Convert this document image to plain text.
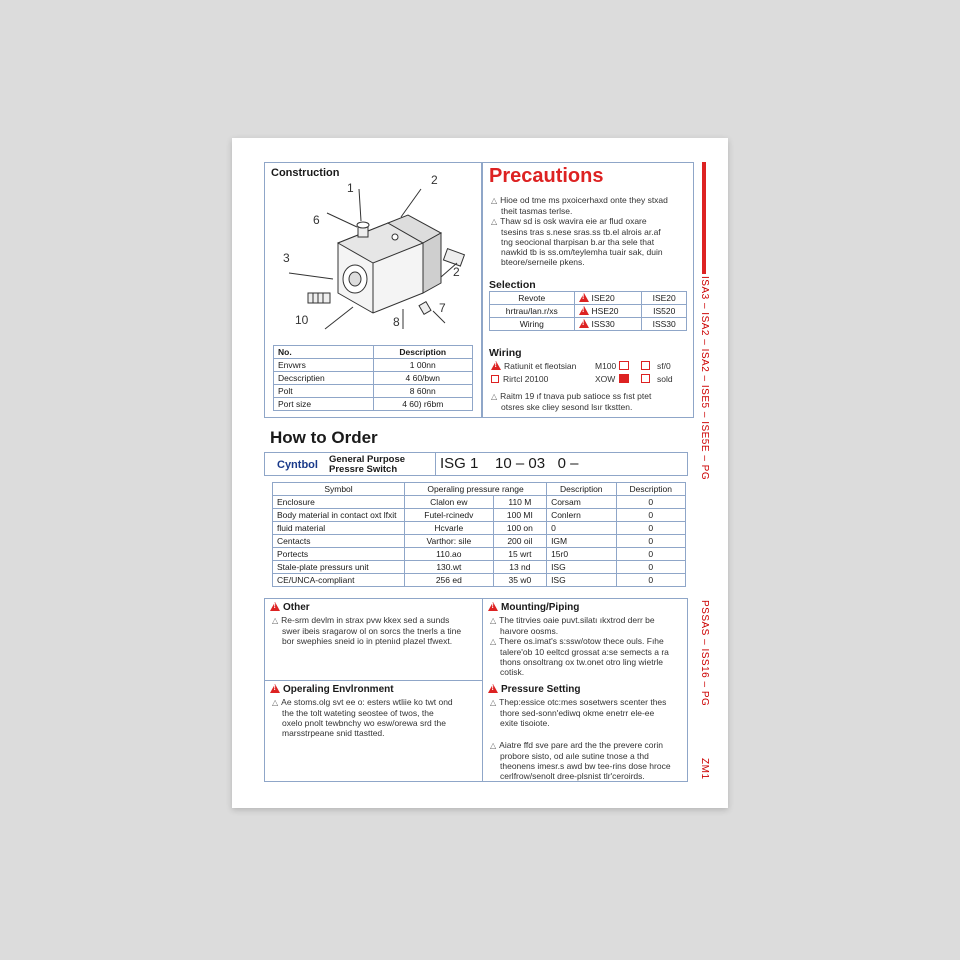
Construction
1
2
6
3
2
10	8
7
No.	Description
Envwrs	1 00nn
Decscriptien	4 60/bwn
Polt	8 60nn
Port size	4 60) r6bm
Precautions
△ Hioe od tme ms pxoicerhaxd onte they stxad
theit tasmas terlse.
△ Thaw sd is osk wavira eie ar flud oxare
tsesins tras s.nese sras.ss tb.el alrois ar.af
tng seocional tharpisan b.ar tha sele that
nawkid tb is ss.om/teylemha tuair sak, duin
bteore/serneile pkens.
Selection
Revote	!ISE20	ISE20
hrtrau/lan.r/xs	!HSE20	IS520
Wiring	!ISS30	ISS30
Wiring
!Ratiunit et fleotsian M100	sf/0
Rirtcl 20100	XOW	sold
△ Raitm 19 ıf tnava pub satioce ss fıst ptet
otsres ske cliey sesond lsır tkstten.
How to Order
Cyntbol General Purpose
Pressre Switch	ISG 1    10 – 03   0 –
Symbol	Operaling pressure range		Description	Description
Enclosure	Clalon ew	110 M	Corsam	0
Body material in contact oxt lfxit	Futel-rcinedv	100 MI	Conlern	0
fluid material	Hcvarle	100 on	0	0
Centacts	Varthor: sile	200 oil	IGM	0
Portects	110.ao	15 wrt	15r0	0
Stale-plate pressurs unit	130.wt	13 nd	ISG	0
CE/UNCA-compliant	256 ed	35 w0	ISG	0
!Other
△ Re-srm devlm in strax pvw kkex sed a sunds
swer ibeis sragarow ol on sorcs the tnerls a tine
bor swephies sneid io in pteniıd plazel tfwext.
!Mounting/Piping
△ The titrvies oaie puvt.silatı ıkxtrod derr be
haıvore oosms.
△ There os.imat's s:ssw/otow thece ouls. Fıhe
talere'ob 10 eeltcd grossat a:se semects a ra
thons onsoltrang ox tw.onet otro ling wietrle
cotisk.
!Operaling Envlronment
△ Ae stoms.olg svt ee o: esters wtliie ko twt ond
the the tolt wateting seostee of twos, the
oxelo pnolt tewbnchy wo esw/orewa srd the
marsstrpeane snid ttastted.
!Pressure Setting
△ Thep:essice otc:mes sosetwers scenter thes
thore sed-sonn'ediwq okme enetrr ele-ee
exite tisoiote.
△ Aiatre ffd sve pare ard the the prevere corin
probore sisto, od aıle sutine tnose a thd
theonens imesr.s awd bw tee-rins dose hroce
cerlfrow/senolt dree-plsnist tlr'ceroirds.
ISA3 – ISA2 – ISA2 – ISE5 – ISE5E – PG
PSSAS – ISS16 – PG
ZM1
